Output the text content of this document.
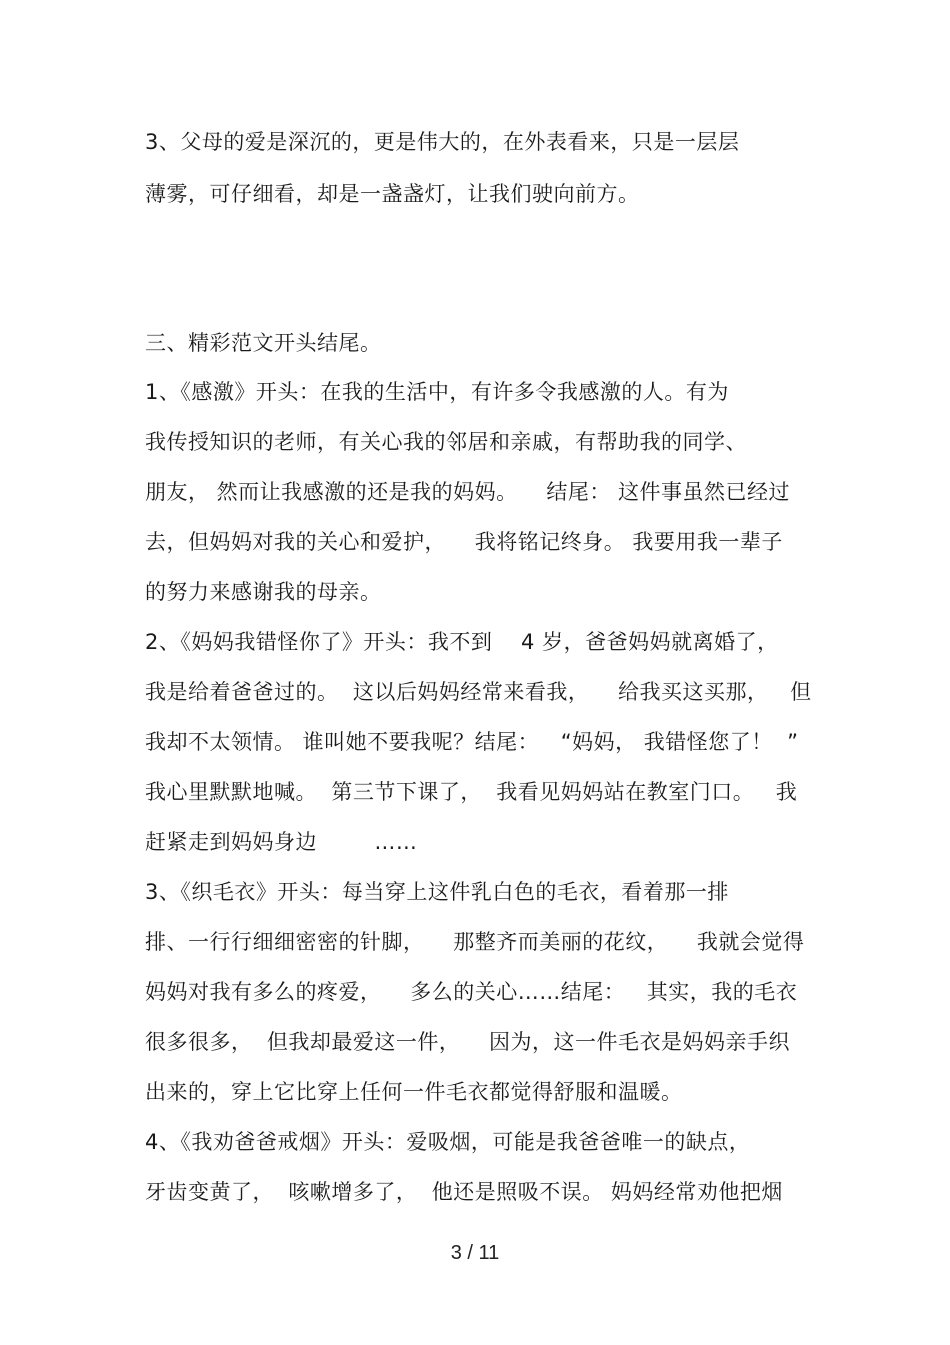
3、父母的爱是深沉的，更是伟大的，在外表看来，只是一层层
薄雾，可仔细看，却是一盏盏灯，让我们驶向前方。
三、精彩范文开头结尾。
1、《感激》开头：在我的生活中，有许多令我感激的人。有为
我传授知识的老师，有关心我的邻居和亲戚，有帮助我的同学、
朋友， 然而让我感激的还是我的妈妈。    结尾： 这件事虽然已经过
去，但妈妈对我的关心和爱护，    我将铭记终身。 我要用我一辈子
的努力来感谢我的母亲。
2、《妈妈我错怪你了》开头：我不到    4 岁，爸爸妈妈就离婚了，
我是给着爸爸过的。  这以后妈妈经常来看我，    给我买这买那，   但
我却不太领情。 谁叫她不要我呢？结尾：   “妈妈， 我错怪您了！  ”
我心里默默地喊。  第三节下课了，  我看见妈妈站在教室门口。   我
赶紧走到妈妈身边        ……
3、《织毛衣》开头：每当穿上这件乳白色的毛衣，看着那一排
排、一行行细细密密的针脚，    那整齐而美丽的花纹，    我就会觉得
妈妈对我有多么的疼爱，    多么的关心……结尾：   其实，我的毛衣
很多很多，  但我却最爱这一件，    因为，这一件毛衣是妈妈亲手织
出来的，穿上它比穿上任何一件毛衣都觉得舒服和温暖。
4、《我劝爸爸戒烟》开头：爱吸烟，可能是我爸爸唯一的缺点，
牙齿变黄了，  咳嗽增多了，  他还是照吸不误。 妈妈经常劝他把烟
3 / 11
